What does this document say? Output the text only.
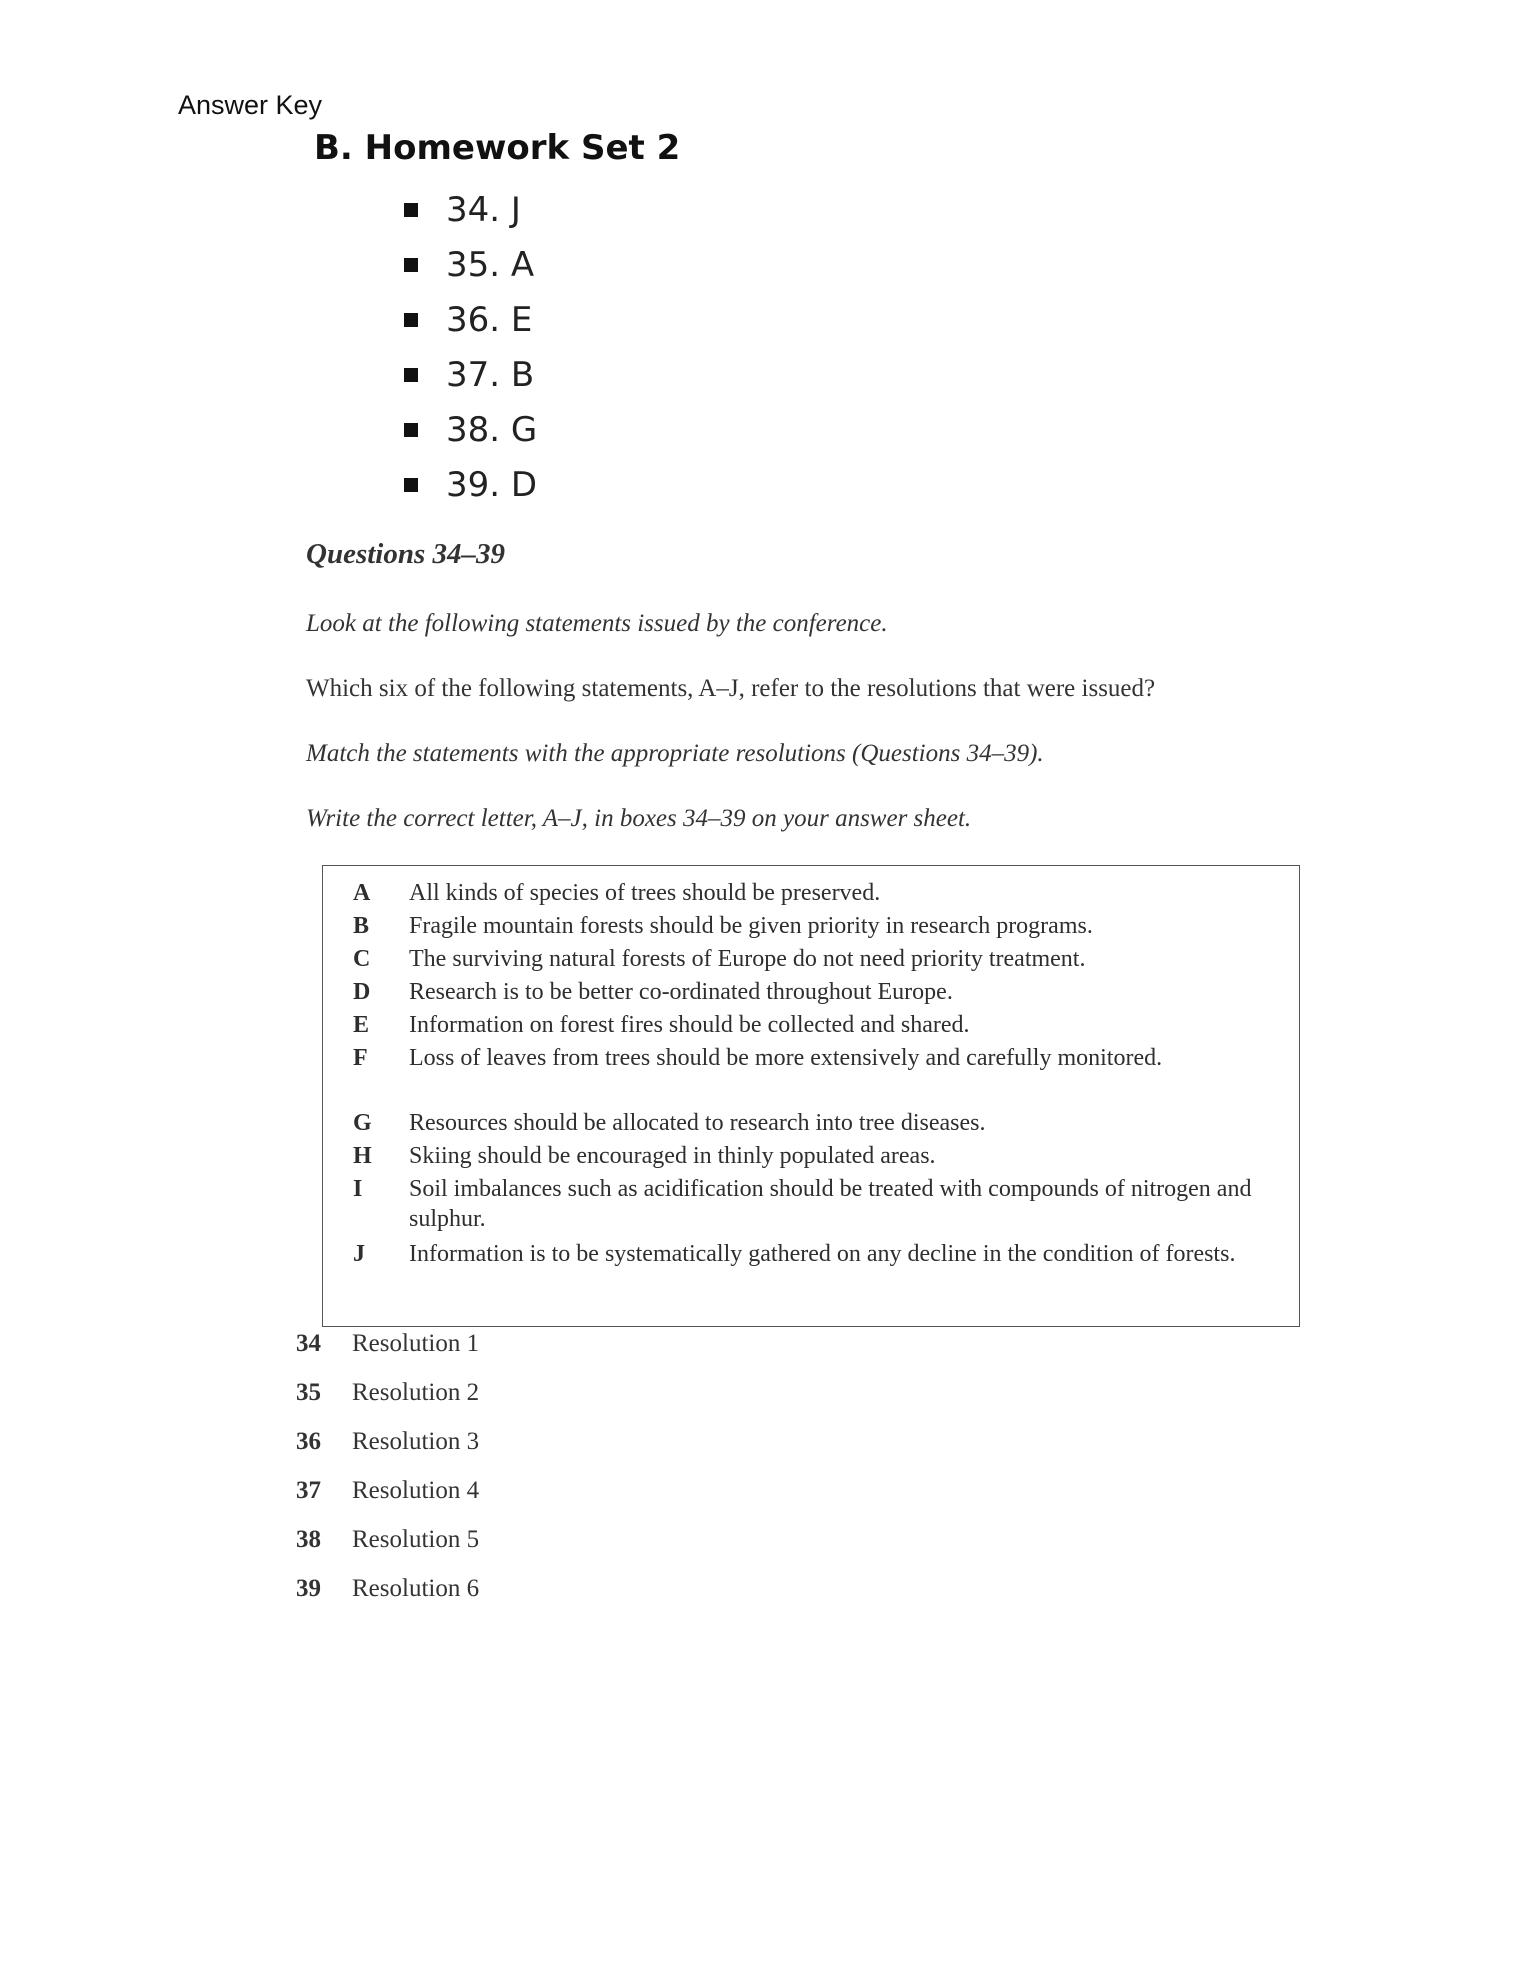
Answer Key
B. Homework Set 2
34. J
35. A
36. E
37. B
38. G
39. D
Questions 34–39
Look at the following statements issued by the conference.
Which six of the following statements, A–J, refer to the resolutions that were issued?
Match the statements with the appropriate resolutions (Questions 34–39).
Write the correct letter, A–J, in boxes 34–39 on your answer sheet.
A	All kinds of species of trees should be preserved.
B	Fragile mountain forests should be given priority in research programs.
C	The surviving natural forests of Europe do not need priority treatment.
D	Research is to be better co-ordinated throughout Europe.
E	Information on forest fires should be collected and shared.
F	Loss of leaves from trees should be more extensively and carefully monitored.
G	Resources should be allocated to research into tree diseases.
H	Skiing should be encouraged in thinly populated areas.
I	Soil imbalances such as acidification should be treated with compounds of nitrogen and sulphur.
J	Information is to be systematically gathered on any decline in the condition of forests.
34	Resolution 1
35	Resolution 2
36	Resolution 3
37	Resolution 4
38	Resolution 5
39	Resolution 6
